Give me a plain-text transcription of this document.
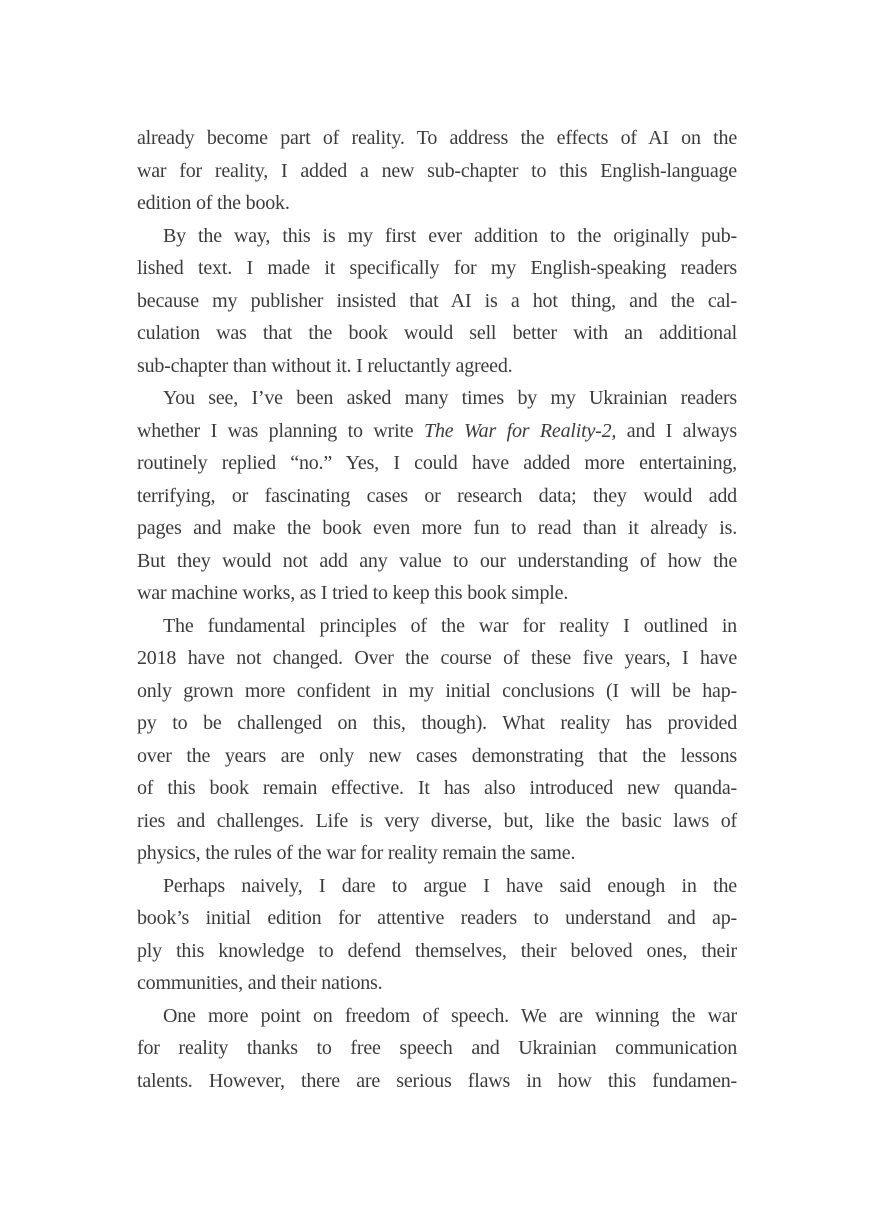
already become part of reality. To address the effects of AI on the
war for reality, I added a new sub-chapter to this English-language
edition of the book.
By the way, this is my first ever addition to the originally pub-
lished text. I made it specifically for my English-speaking readers
because my publisher insisted that AI is a hot thing, and the cal-
culation was that the book would sell better with an additional
sub-chapter than without it. I reluctantly agreed.
You see, I’ve been asked many times by my Ukrainian readers
whether I was planning to write The War for Reality-2, and I always
routinely replied “no.” Yes, I could have added more entertaining,
terrifying, or fascinating cases or research data; they would add
pages and make the book even more fun to read than it already is.
But they would not add any value to our understanding of how the
war machine works, as I tried to keep this book simple.
The fundamental principles of the war for reality I outlined in
2018 have not changed. Over the course of these five years, I have
only grown more confident in my initial conclusions (I will be hap-
py to be challenged on this, though). What reality has provided
over the years are only new cases demonstrating that the lessons
of this book remain effective. It has also introduced new quanda-
ries and challenges. Life is very diverse, but, like the basic laws of
physics, the rules of the war for reality remain the same.
Perhaps naively, I dare to argue I have said enough in the
book’s initial edition for attentive readers to understand and ap-
ply this knowledge to defend themselves, their beloved ones, their
communities, and their nations.
One more point on freedom of speech. We are winning the war
for reality thanks to free speech and Ukrainian communication
talents. However, there are serious flaws in how this fundamen-
